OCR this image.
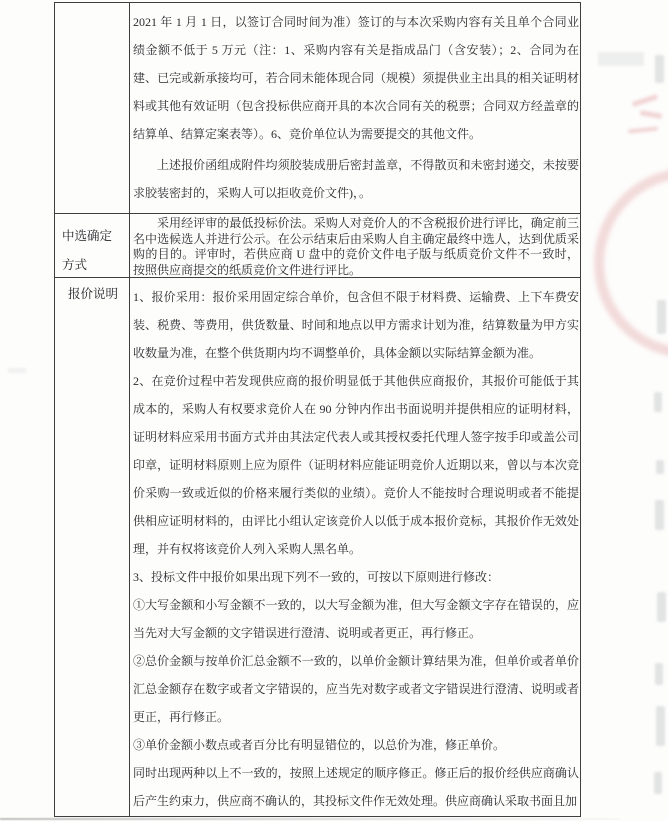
2021 年 1 月 1 日，以签订合同时间为准）签订的与本次采购内容有关且单个合同业绩金额不低于 5 万元（注：1、采购内容有关是指成品门（含安装）；2、合同为在建、已完或新承接均可，若合同未能体现合同（规模）须提供业主出具的相关证明材料或其他有效证明（包含投标供应商开具的本次合同有关的税票；合同双方经盖章的结算单、结算定案表等）。6、竞价单位认为需要提交的其他文件。

上述报价函组成附件均须胶装成册后密封盖章，不得散页和未密封递交，未按要求胶装密封的，采购人可以拒收竞价文件)，。

中选确定方式

采用经评审的最低投标价法。采购人对竞价人的不含税报价进行评比，确定前三名中选候选人并进行公示。在公示结束后由采购人自主确定最终中选人，达到优质采购的目的。评审时，若供应商 U 盘中的竞价文件电子版与纸质竞价文件不一致时，按照供应商提交的纸质竞价文件进行评比。

报价说明	1、报价采用：报价采用固定综合单价，包含但不限于材料费、运输费、上下车费安装、税费、等费用，供货数量、时间和地点以甲方需求计划为准，结算数量为甲方实收数量为准，在整个供货期内均不调整单价，具体金额以实际结算金额为准。

2、在竞价过程中若发现供应商的报价明显低于其他供应商报价，其报价可能低于其成本的，采购人有权要求竞价人在 90 分钟内作出书面说明并提供相应的证明材料，证明材料应采用书面方式并由其法定代表人或其授权委托代理人签字按手印或盖公司印章，证明材料原则上应为原件（证明材料应能证明竞价人近期以来，曾以与本次竞价采购一致或近似的价格来履行类似的业绩）。竞价人不能按时合理说明或者不能提供相应证明材料的，由评比小组认定该竞价人以低于成本报价竞标，其报价作无效处理，并有权将该竞价人列入采购人黑名单。

3、投标文件中报价如果出现下列不一致的，可按以下原则进行修改：

①大写金额和小写金额不一致的，以大写金额为准，但大写金额文字存在错误的，应当先对大写金额的文字错误进行澄清、说明或者更正，再行修正。

②总价金额与按单价汇总金额不一致的，以单价金额计算结果为准，但单价或者单价汇总金额存在数字或者文字错误的，应当先对数字或者文字错误进行澄清、说明或者更正，再行修正。

③单价金额小数点或者百分比有明显错位的，以总价为准，修正单价。

同时出现两种以上不一致的，按照上述规定的顺序修正。修正后的报价经供应商确认后产生约束力，供应商不确认的，其投标文件作无效处理。供应商确认采取书面且加
